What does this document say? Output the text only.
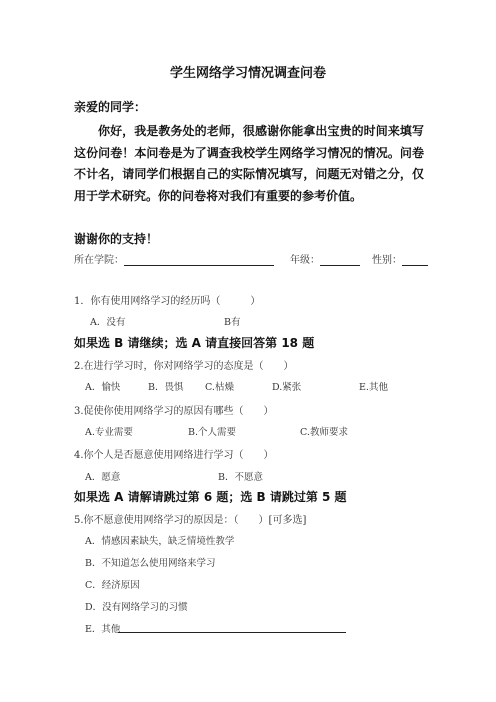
学生网络学习情况调查问卷
亲爱的同学：
你好，我是教务处的老师，很感谢你能拿出宝贵的时间来填写这份问卷！本问卷是为了调查我校学生网络学习情况的情况。问卷不计名，请同学们根据自己的实际情况填写，问题无对错之分，仅用于学术研究。你的问卷将对我们有重要的参考价值。
谢谢你的支持！
所在学院：	年级：	性别：
1．你有使用网络学习的经历吗（　　　）
A．没有	B有
如果选 B 请继续；选 A 请直接回答第 18 题
2.在进行学习时，你对网络学习的态度是（　　）
A．愉快	B．畏惧 C.枯燥	D.紧张	E.其他
3.促使你使用网络学习的原因有哪些（　　）
A.专业需要	B.个人需要	C.教师要求
4.你个人是否愿意使用网络进行学习（　　）
A．愿意	B．不愿意
如果选 A 请解请跳过第 6 题；选 B 请跳过第 5 题
5.你不愿意使用网络学习的原因是：（　　）[可多选]
A．情感因素缺失，缺乏情境性教学
B．不知道怎么使用网络来学习
C．经济原因
D．没有网络学习的习惯
E．其他
